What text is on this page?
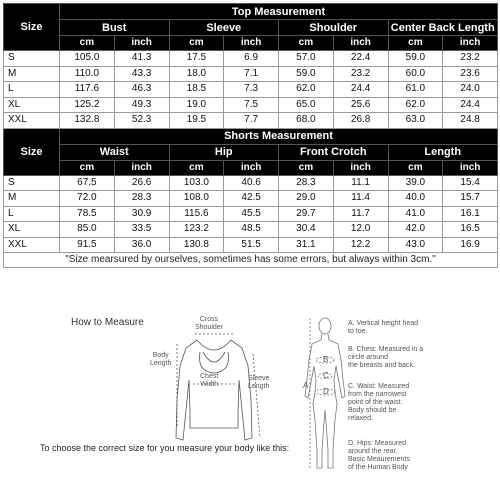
Size	Top Measurement							
	Bust		Sleeve		Shoulder		Center Back Length	
	cm	inch	cm	inch	cm	inch	cm	inch
S	105.0	41.3	17.5	6.9	57.0	22.4	59.0	23.2
M	110.0	43.3	18.0	7.1	59.0	23.2	60.0	23.6
L	117.6	46.3	18.5	7.3	62.0	24.4	61.0	24.0
XL	125.2	49.3	19.0	7.5	65.0	25.6	62.0	24.4
XXL	132.8	52.3	19.5	7.7	68.0	26.8	63.0	24.8
Size	Shorts Measurement							
	Waist		Hip		Front Crotch		Length	
	cm	inch	cm	inch	cm	inch	cm	inch
S	67.5	26.6	103.0	40.6	28.3	11.1	39.0	15.4
M	72.0	28.3	108.0	42.5	29.0	11.4	40.0	15.7
L	78.5	30.9	115.6	45.5	29.7	11.7	41.0	16.1
XL	85.0	33.5	123.2	48.5	30.4	12.0	42.0	16.5
XXL	91.5	36.0	130.8	51.5	31.1	12.2	43.0	16.9
"Size mearsured by ourselves, sometimes has some errors, but always within 3cm."								
How to Measure	Cross
Shoulder
Body
Length
Chest
Width
Sleeve
Length	A
B
C
D
A. Vertical height head
to toe.
B. Chest: Measured in a
circle around
the breasts and back.
C. Waist: Measured
from the narrowest
point of the waist.
Body should be
relaxed.
D. Hips: Measured
around the rear.
Basic Meaurements
of the Human Body
To choose the correct size for you measure your body like this:
